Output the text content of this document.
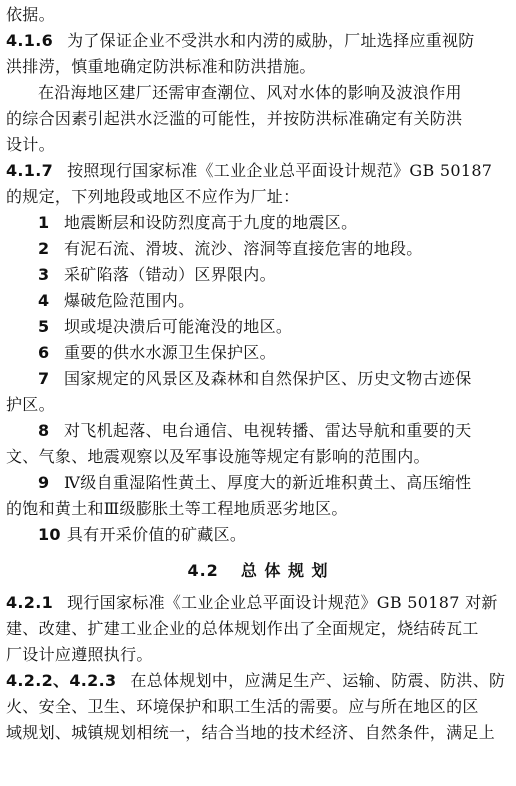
依据。
4.1.6 为了保证企业不受洪水和内涝的威胁，厂址选择应重视防
洪排涝，慎重地确定防洪标准和防洪措施。
在沿海地区建厂还需审查潮位、风对水体的影响及波浪作用
的综合因素引起洪水泛滥的可能性，并按防洪标准确定有关防洪
设计。
4.1.7 按照现行国家标准《工业企业总平面设计规范》GB 50187
的规定，下列地段或地区不应作为厂址：
1 地震断层和设防烈度高于九度的地震区。
2 有泥石流、滑坡、流沙、溶洞等直接危害的地段。
3 采矿陷落（错动）区界限内。
4 爆破危险范围内。
5 坝或堤决溃后可能淹没的地区。
6 重要的供水水源卫生保护区。
7 国家规定的风景区及森林和自然保护区、历史文物古迹保
护区。
8 对飞机起落、电台通信、电视转播、雷达导航和重要的天
文、气象、地震观察以及军事设施等规定有影响的范围内。
9 Ⅳ级自重湿陷性黄土、厚度大的新近堆积黄土、高压缩性
的饱和黄土和Ⅲ级膨胀土等工程地质恶劣地区。
10 具有开采价值的矿藏区。
4.2 总 体 规 划
4.2.1 现行国家标准《工业企业总平面设计规范》GB 50187 对新
建、改建、扩建工业企业的总体规划作出了全面规定，烧结砖瓦工
厂设计应遵照执行。
4.2.2、4.2.3 在总体规划中，应满足生产、运输、防震、防洪、防
火、安全、卫生、环境保护和职工生活的需要。应与所在地区的区
域规划、城镇规划相统一，结合当地的技术经济、自然条件，满足上
